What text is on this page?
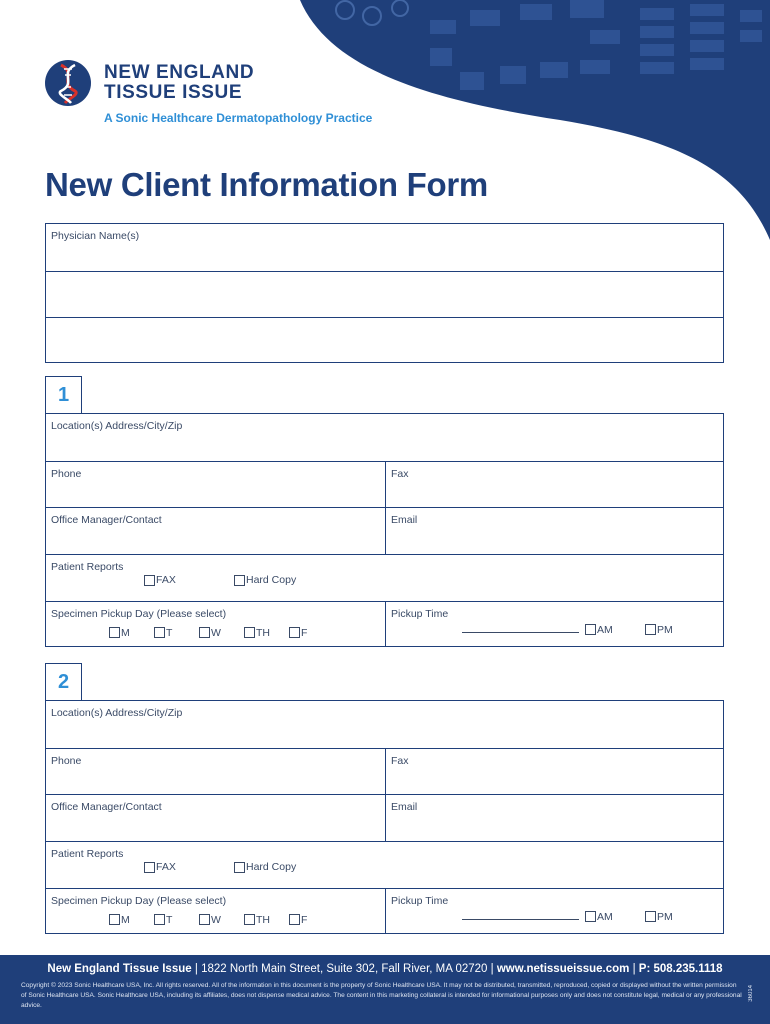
NEW ENGLAND
TISSUE ISSUE
A Sonic Healthcare Dermatopathology Practice
New Client Information Form
Physician Name(s)
1
Location(s) Address/City/Zip
Phone	Fax
Office Manager/Contact	Email
Patient Reports
FAX	Hard Copy
Specimen Pickup Day (Please select)
M	T	W	TH	F
Pickup Time
AM	PM
2
Location(s) Address/City/Zip
Phone	Fax
Office Manager/Contact	Email
Patient Reports
FAX	Hard Copy
Specimen Pickup Day (Please select)
M	T	W	TH	F
Pickup Time
AM	PM
New England Tissue Issue | 1822 North Main Street, Suite 302, Fall River, MA 02720 | www.netissueissue.com | P: 508.235.1118
Copyright © 2023 Sonic Healthcare USA, Inc. All rights reserved. All of the information in this document is the property of Sonic Healthcare USA. It may not be distributed, transmitted, reproduced, copied or displayed without the written permission of Sonic Healthcare USA. Sonic Healthcare USA, including its affiliates, does not dispense medical advice. The content in this marketing collateral is intended for informational purposes only and does not constitute legal, medical or any professional advice.
36014
